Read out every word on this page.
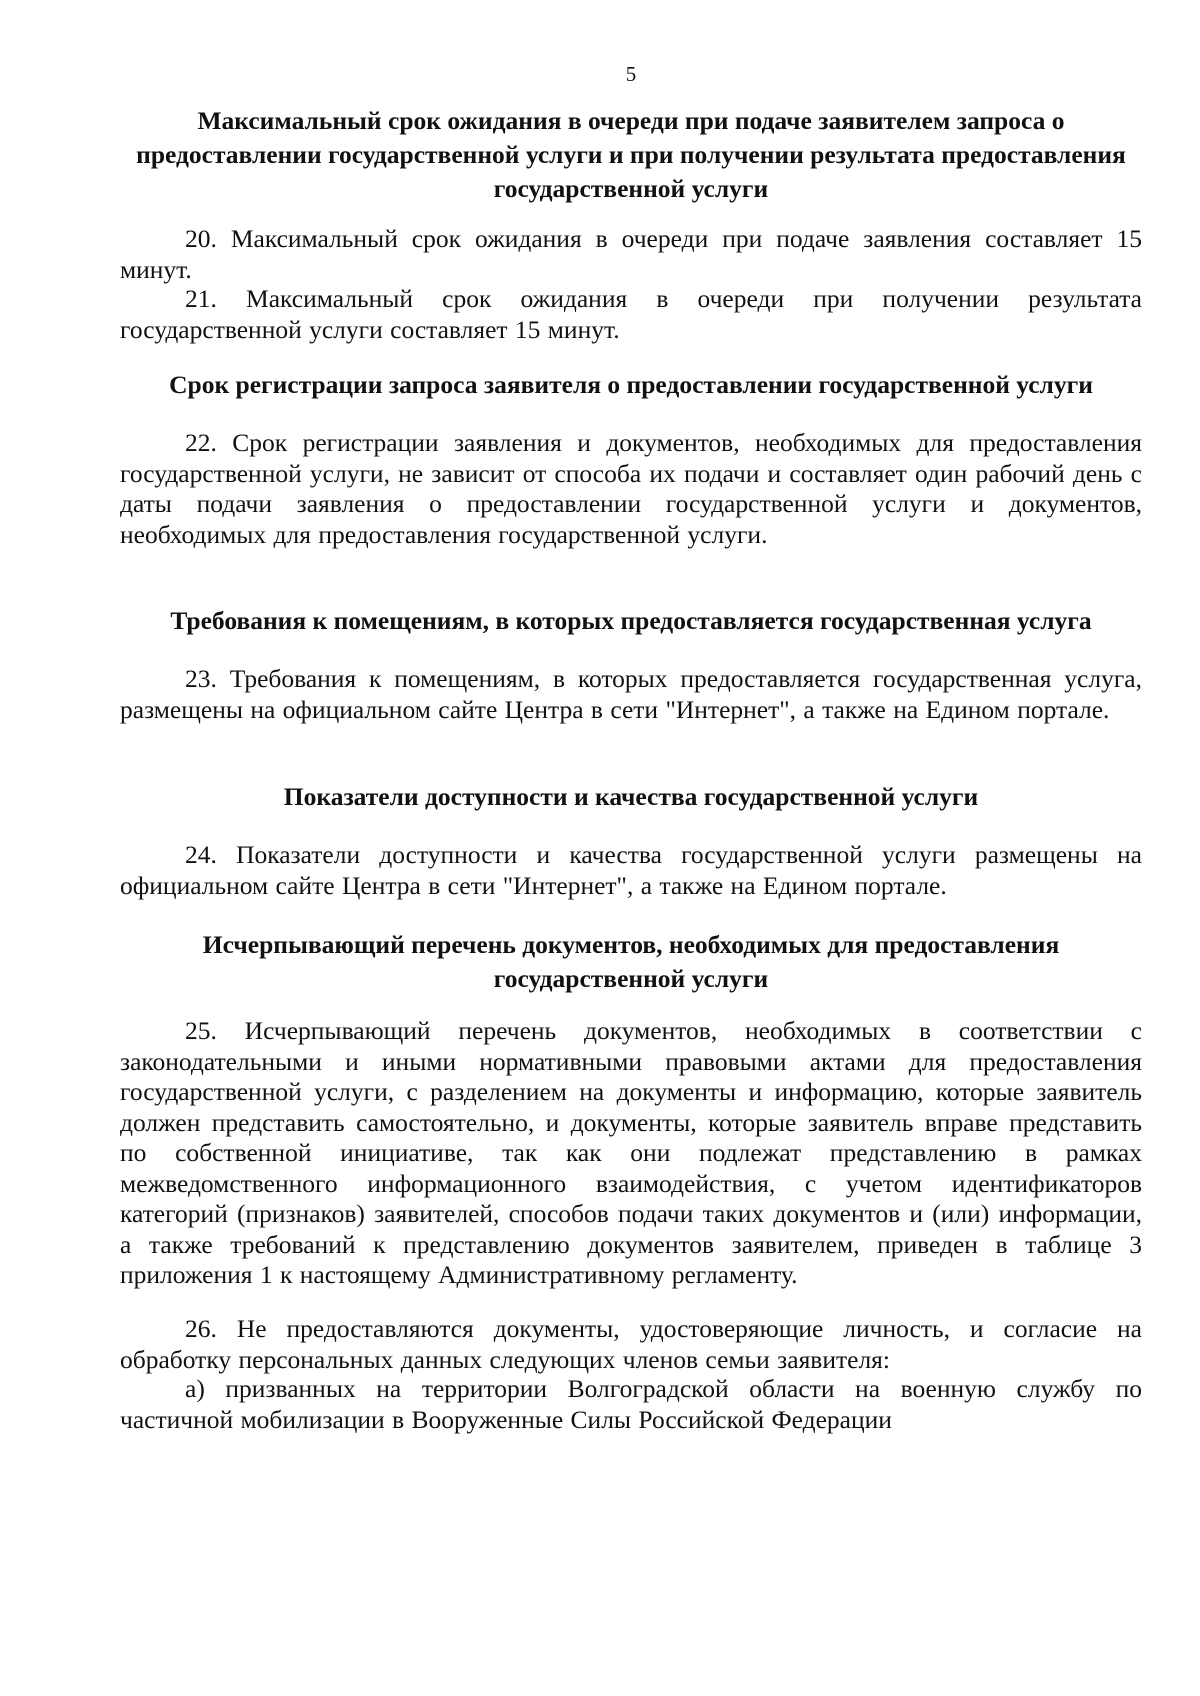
5
Максимальный срок ожидания в очереди при подаче заявителем запроса о предоставлении государственной услуги и при получении результата предоставления государственной услуги
20. Максимальный срок ожидания в очереди при подаче заявления составляет 15 минут.
21. Максимальный срок ожидания в очереди при получении результата государственной услуги составляет 15 минут.
Срок регистрации запроса заявителя о предоставлении государственной услуги
22. Срок регистрации заявления и документов, необходимых для предоставления государственной услуги, не зависит от способа их подачи и составляет один рабочий день с даты подачи заявления о предоставлении государственной услуги и документов, необходимых для предоставления государственной услуги.
Требования к помещениям, в которых предоставляется государственная услуга
23. Требования к помещениям, в которых предоставляется государственная услуга, размещены на официальном сайте Центра в сети "Интернет", а также на Едином портале.
Показатели доступности и качества государственной услуги
24. Показатели доступности и качества государственной услуги размещены на официальном сайте Центра в сети "Интернет", а также на Едином портале.
Исчерпывающий перечень документов, необходимых для предоставления государственной услуги
25. Исчерпывающий перечень документов, необходимых в соответствии с законодательными и иными нормативными правовыми актами для предоставления государственной услуги, с разделением на документы и информацию, которые заявитель должен представить самостоятельно, и документы, которые заявитель вправе представить по собственной инициативе, так как они подлежат представлению в рамках межведомственного информационного взаимодействия, с учетом идентификаторов категорий (признаков) заявителей, способов подачи таких документов и (или) информации, а также требований к представлению документов заявителем, приведен в таблице 3 приложения 1 к настоящему Административному регламенту.
26. Не предоставляются документы, удостоверяющие личность, и согласие на обработку персональных данных следующих членов семьи заявителя:
а) призванных на территории Волгоградской области на военную службу по частичной мобилизации в Вооруженные Силы Российской Федерации
